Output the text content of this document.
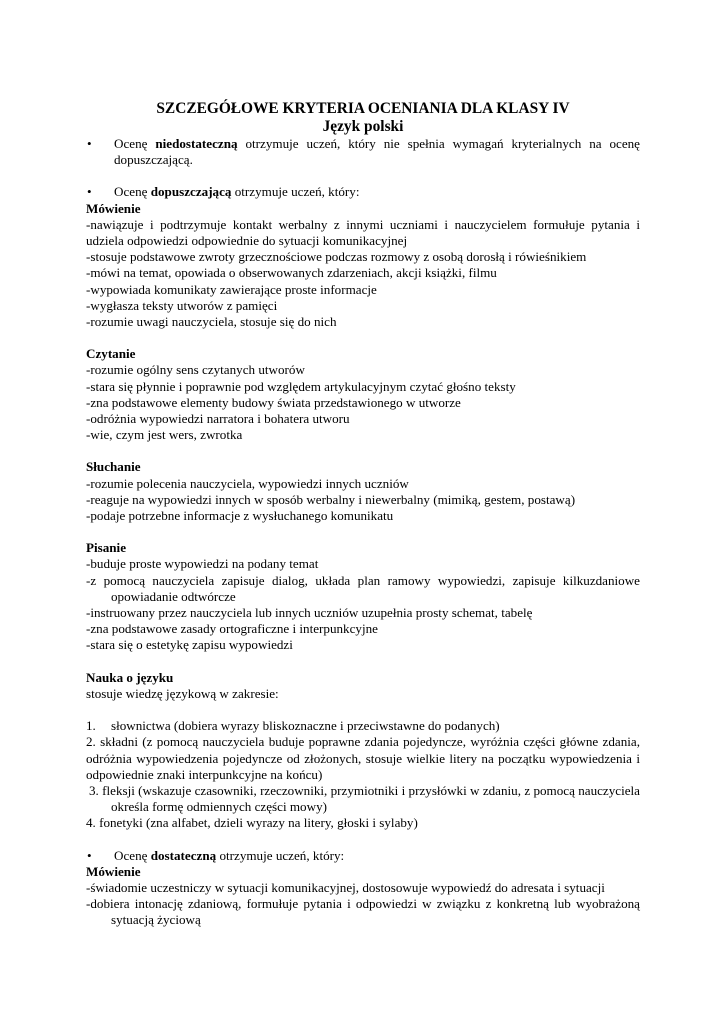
SZCZEGÓŁOWE KRYTERIA OCENIANIA DLA KLASY IV
Język polski
•	Ocenę niedostateczną otrzymuje uczeń, który nie spełnia wymagań kryterialnych na ocenę dopuszczającą.
•	Ocenę dopuszczającą otrzymuje uczeń, który:
Mówienie
-nawiązuje i podtrzymuje kontakt werbalny z innymi uczniami i nauczycielem formułuje pytania i udziela odpowiedzi odpowiednie do sytuacji komunikacyjnej
-stosuje podstawowe zwroty grzecznościowe podczas rozmowy z osobą dorosłą i rówieśnikiem
-mówi na temat, opowiada o obserwowanych zdarzeniach, akcji książki, filmu
-wypowiada komunikaty zawierające proste informacje
-wygłasza teksty utworów z pamięci
-rozumie uwagi nauczyciela, stosuje się do nich
Czytanie
-rozumie ogólny sens czytanych utworów
-stara się płynnie i poprawnie pod względem artykulacyjnym czytać głośno teksty
-zna podstawowe elementy budowy świata przedstawionego w utworze
-odróżnia wypowiedzi narratora i bohatera utworu
-wie, czym jest wers, zwrotka
Słuchanie
-rozumie polecenia nauczyciela, wypowiedzi innych uczniów
-reaguje na wypowiedzi innych w sposób werbalny i niewerbalny (mimiką, gestem, postawą)
-podaje potrzebne informacje z wysłuchanego komunikatu
Pisanie
-buduje proste wypowiedzi na podany temat
-z pomocą nauczyciela zapisuje dialog, układa plan ramowy wypowiedzi, zapisuje kilkuzdaniowe opowiadanie odtwórcze
-instruowany przez nauczyciela lub innych uczniów uzupełnia prosty schemat, tabelę
-zna podstawowe zasady ortograficzne i interpunkcyjne
-stara się o estetykę zapisu wypowiedzi
Nauka o języku
stosuje wiedzę językową w zakresie:
1.	słownictwa (dobiera wyrazy bliskoznaczne i przeciwstawne do podanych)
2. składni (z pomocą nauczyciela buduje poprawne zdania pojedyncze, wyróżnia części główne zdania, odróżnia wypowiedzenia pojedyncze od złożonych, stosuje wielkie litery na początku wypowiedzenia i odpowiednie znaki interpunkcyjne na końcu)
3. fleksji (wskazuje czasowniki, rzeczowniki, przymiotniki i przysłówki w zdaniu, z pomocą nauczyciela określa formę odmiennych części mowy)
4. fonetyki (zna alfabet, dzieli wyrazy na litery, głoski i sylaby)
•	Ocenę dostateczną otrzymuje uczeń, który:
Mówienie
-świadomie uczestniczy w sytuacji komunikacyjnej, dostosowuje wypowiedź do adresata i sytuacji
-dobiera intonację zdaniową, formułuje pytania i odpowiedzi w związku z konkretną lub wyobrażoną sytuacją życiową
